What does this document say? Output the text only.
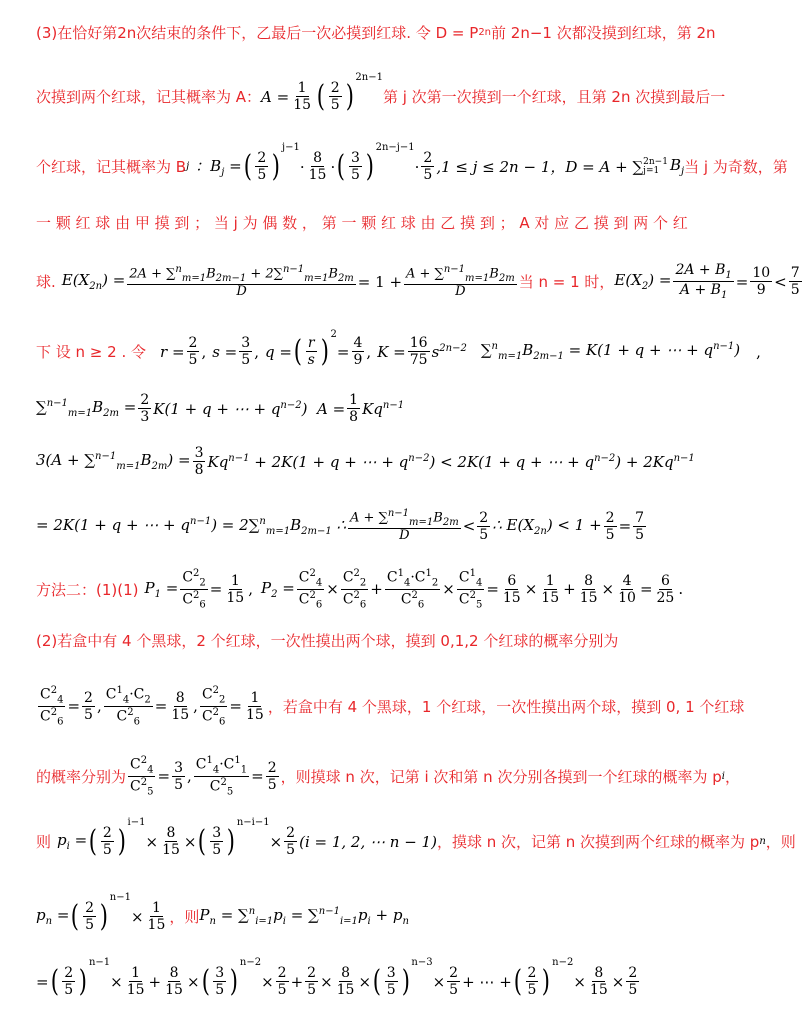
(3)在恰好第2n次结束的条件下，乙最后一次必摸到红球. 令 D = P 2n 前 2n−1 次都没摸到红球，第 2n
次摸到两个红球，记其概率为 A： $A = \frac{1}{15}$ ( $\frac{2}{5}$ )
$^{2n-1}$
第 j 次第一次摸到一个红球，且第 2n 次摸到最后一
个红球，记其概率为 B j ：$B_j$ = ( $\frac{2}{5}$ )
$^{j-1}$
· $\frac{8}{15}$ · ( $\frac{3}{5}$ )
$^{2n-j-1}$
· $\frac{2}{5} ,1 \le j \le 2n - 1$， D = A + ∑ 2n−1
j=1 $B_j$ 当 j 为奇数，第
一 颗 红 球 由 甲 摸 到 ； 当 j 为 偶 数 ， 第 一 颗 红 球 由 乙 摸 到 ； A 对 应 乙 摸 到 两 个 红
球. $E(X_{2n}) = \frac{2A + \sum^n_{m=1}B_{2m-1} + 2\sum^{n-1}_{m=1}B_{2m}}{D} = 1 + \frac{A + \sum^{n-1}_{m=1}B_{2m}}{D}$ 当 n = 1 时， $E(X_2) = \frac{2A + B_1}{A + B_1} = \frac{10}{9} < \frac{7}{5}$
下 设 n ≥ 2 . 令 $r = \frac{2}{5}$ , $s = \frac{3}{5}$ , q = ( $\frac{r}{s} )^2$
= $\frac{4}{9}$ , $K = \frac{16}{75} s^{2n-2}$ $\sum^n_{m=1}B_{2m-1} = K(1 + q$ + ⋯ + $q^{n-1}$) ,
$\sum^{n-1}_{m=1}B_{2m} = \frac{2}{3} K(1 + q$ + ⋯ + $q^{n-2}$)  $A = \frac{1}{8} Kq^{n-1}$
$3(A + \sum^{n-1}_{m=1}B_{2m}) = \frac{3}{8} Kq^{n-1} + 2K(1 + q$ + ⋯ + $q^{n-2}) < 2K(1 + q$ + ⋯ + $q^{n-2}) + 2Kq^{n-1}$
= 2K(1 + q + ⋯ + $q^{n-1}) = 2\sum^n_{m=1}B_{2m-1}$ ∴ $\frac{A + \sum^{n-1}_{m=1}B_{2m}}{D} < \frac{2}{5}$ ∴ $E(X_{2n}) < 1 + \frac{2}{5} = \frac{7}{5}$
方法二：(1)(1) $P_1 = \frac{C^2_2}{C^2_6} = \frac{1}{15}$ , $P_2 = \frac{C^2_4}{C^2_6} \times \frac{C^2_2}{C^2_6} + \frac{C^1_4\cdot C^1_2}{C^2_6} \times \frac{C^1_4}{C^2_5} = \frac{6}{15} \times \frac{1}{15} + \frac{8}{15} \times \frac{4}{10} = \frac{6}{25}$ .
(2)若盒中有 4 个黑球，2 个红球，一次性摸出两个球，摸到 0,1,2 个红球的概率分别为
$\frac{C^2_4}{C^2_6} = \frac{2}{5}$ , $\frac{C^1_4\cdot C_2}{C^2_6} = \frac{8}{15}$ , $\frac{C^2_2}{C^2_6} = \frac{1}{15}$ ，若盒中有 4 个黑球，1 个红球，一次性摸出两个球，摸到 0, 1 个红球
的概率分别为 $\frac{C^2_4}{C^2_5} = \frac{3}{5}$ , $\frac{C^1_4\cdot C^1_1}{C^2_5} = \frac{2}{5}$ ，则摸球 n 次，记第 i 次和第 n 次分别各摸到一个红球的概率为 p i ，
则 $p_i$ = ( $\frac{2}{5}$ )
$^{i-1}$
× $\frac{8}{15}$ × ( $\frac{3}{5}$ )
$^{n-i-1}$
× $\frac{2}{5} (i = 1$, 2, ⋯ n − 1) ，摸球 n 次，记第 n 次摸到两个红球的概率为 p n ，则
$p_n$ = ( $\frac{2}{5}$ )
$^{n-1}$
× $\frac{1}{15}$ ，则 $P_n = \sum^n_{i=1}p_i = \sum^{n-1}_{i=1}p_i + p_n$
= ( $\frac{2}{5}$ )
$^{n-1}$
× $\frac{1}{15} + \frac{8}{15}$ × ( $\frac{3}{5}$ )
$^{n-2}$
× $\frac{2}{5} + \frac{2}{5} \times \frac{8}{15}$ × ( $\frac{3}{5}$ )
$^{n-3}$
× $\frac{2}{5}$ + ⋯ + ( $\frac{2}{5}$ )
$^{n-2}$
× $\frac{8}{15} \times \frac{2}{5}$
